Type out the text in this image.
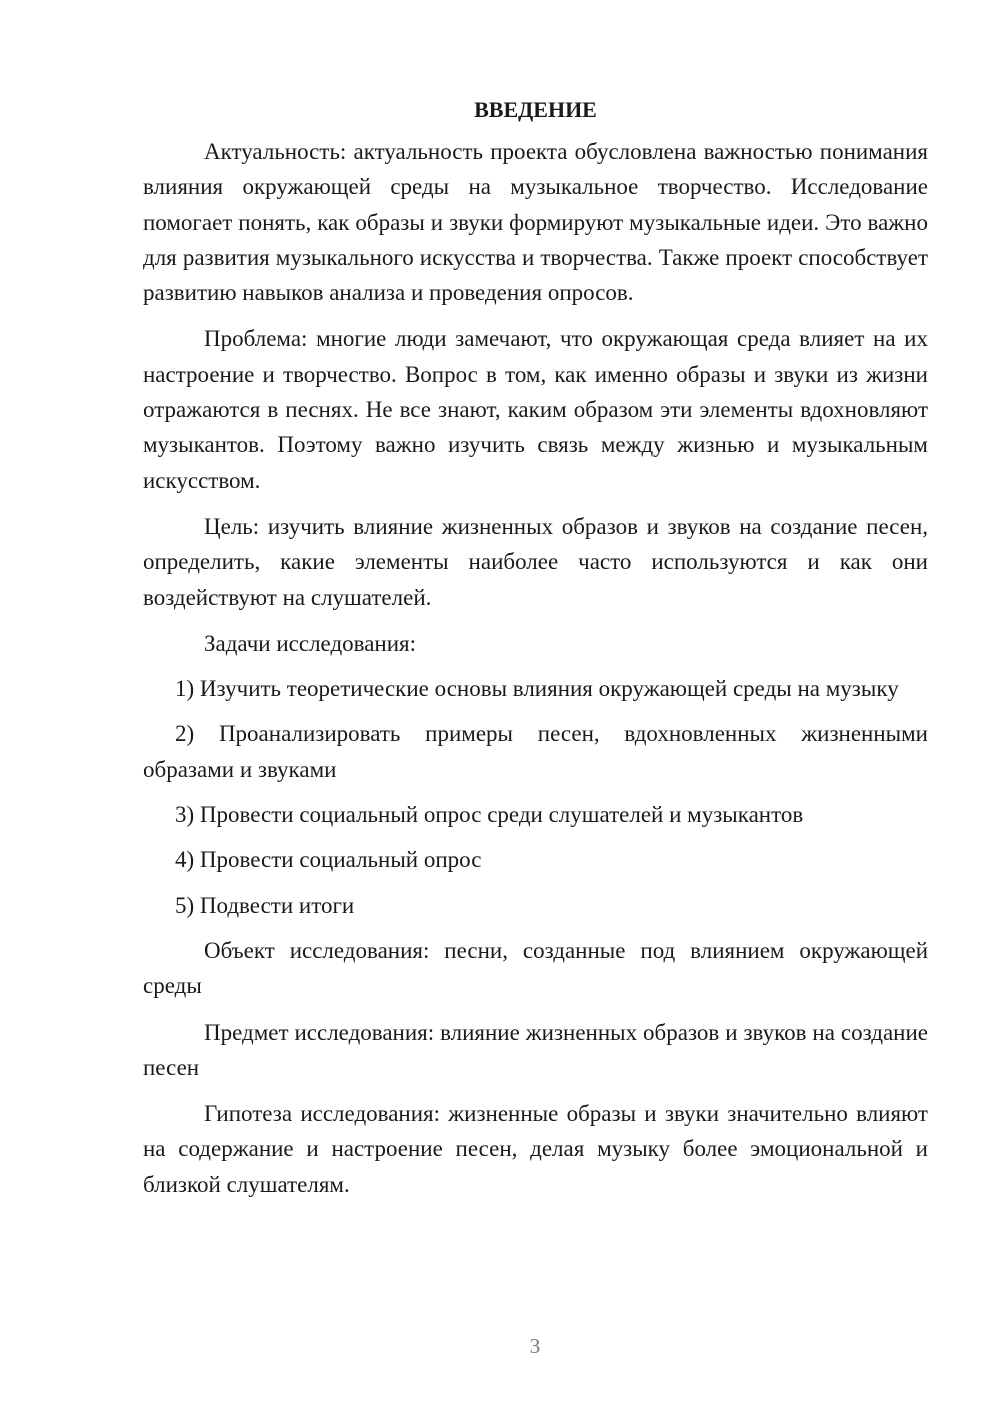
ВВЕДЕНИЕ
Актуальность: актуальность проекта обусловлена важностью понимания влияния окружающей среды на музыкальное творчество. Исследование помогает понять, как образы и звуки формируют музыкальные идеи. Это важно для развития музыкального искусства и творчества. Также проект способствует развитию навыков анализа и проведения опросов.
Проблема: многие люди замечают, что окружающая среда влияет на их настроение и творчество. Вопрос в том, как именно образы и звуки из жизни отражаются в песнях. Не все знают, каким образом эти элементы вдохновляют музыкантов. Поэтому важно изучить связь между жизнью и музыкальным искусством.
Цель: изучить влияние жизненных образов и звуков на создание песен, определить, какие элементы наиболее часто используются и как они воздействуют на слушателей.
Задачи исследования:
1) Изучить теоретические основы влияния окружающей среды на музыку
2) Проанализировать примеры песен, вдохновленных жизненными образами и звуками
3) Провести социальный опрос среди слушателей и музыкантов
4) Провести социальный опрос
5) Подвести итоги
Объект исследования: песни, созданные под влиянием окружающей среды
Предмет исследования: влияние жизненных образов и звуков на создание песен
Гипотеза исследования: жизненные образы и звуки значительно влияют на содержание и настроение песен, делая музыку более эмоциональной и близкой слушателям.
3
